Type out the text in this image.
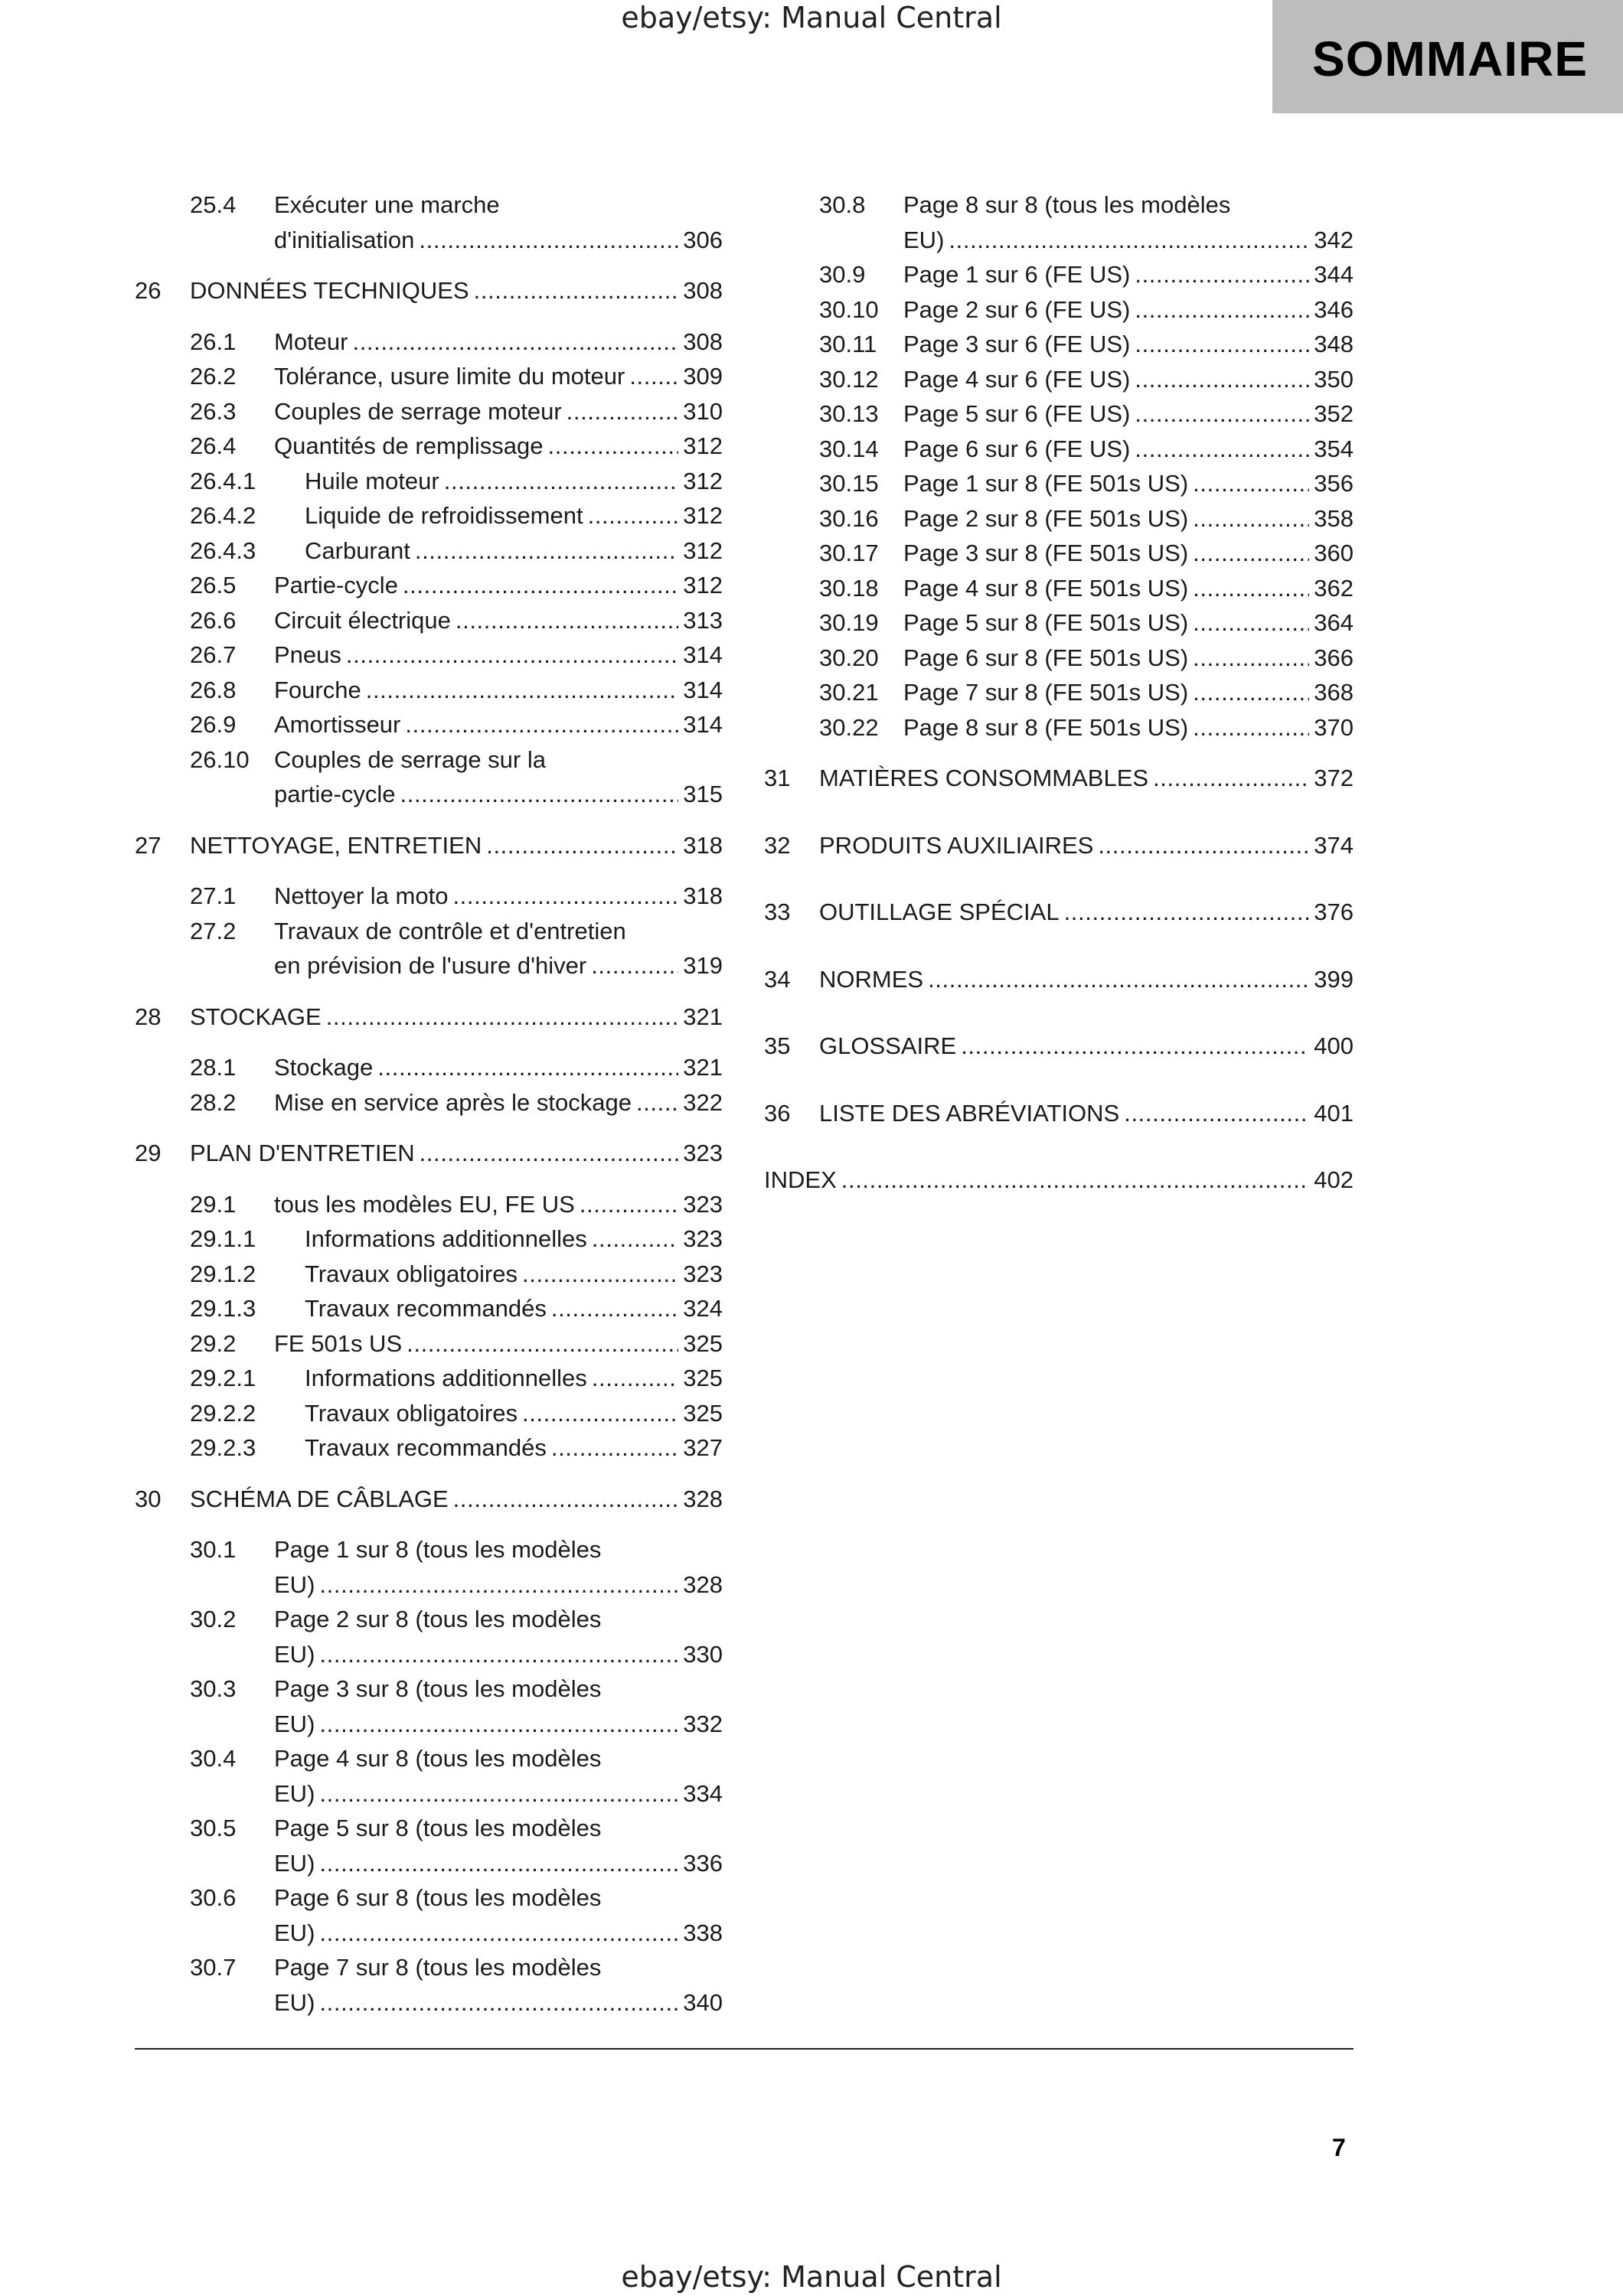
ebay/etsy: Manual Central
SOMMAIRE
25.4 Exécuter une marche
d'initialisation . . .	306
26 DONNÉES TECHNIQUES . . .	308
26.1 Moteur . . .	308
26.2 Tolérance, usure limite du moteur . . . 309
26.3 Couples de serrage moteur . . .	310
26.4 Quantités de remplissage . . .	312
26.4.1 Huile moteur . . .	312
26.4.2 Liquide de refroidissement . . .	312
26.4.3 Carburant . . .	312
26.5 Partie-cycle . . .	312
26.6 Circuit électrique . . .	313
26.7 Pneus . . .	314
26.8 Fourche . . .	314
26.9 Amortisseur . . .	314
26.10 Couples de serrage sur la
partie-cycle . . .	315
27 NETTOYAGE, ENTRETIEN . . .	318
27.1 Nettoyer la moto . . .	318
27.2 Travaux de contrôle et d'entretien
en prévision de l'usure d'hiver . . .	319
28 STOCKAGE . . .	321
28.1 Stockage . . .	321
28.2 Mise en service après le stockage . . . 322
29 PLAN D'ENTRETIEN . . .	323
29.1 tous les modèles EU, FE US . . .	323
29.1.1 Informations additionnelles . . .	323
29.1.2 Travaux obligatoires . . .	323
29.1.3 Travaux recommandés . . .	324
29.2 FE 501s US . . .	325
29.2.1 Informations additionnelles . . .	325
29.2.2 Travaux obligatoires . . .	325
29.2.3 Travaux recommandés . . .	327
30 SCHÉMA DE CÂBLAGE . . .	328
30.1 Page 1 sur 8 (tous les modèles
EU) . . .	328
30.2 Page 2 sur 8 (tous les modèles
EU) . . .	330
30.3 Page 3 sur 8 (tous les modèles
EU) . . .	332
30.4 Page 4 sur 8 (tous les modèles
EU) . . .	334
30.5 Page 5 sur 8 (tous les modèles
EU) . . .	336
30.6 Page 6 sur 8 (tous les modèles
EU) . . .	338
30.7 Page 7 sur 8 (tous les modèles
EU) . . .	340
30.8 Page 8 sur 8 (tous les modèles
EU) . . .	342
30.9 Page 1 sur 6 (FE US) . . .	344
30.10 Page 2 sur 6 (FE US) . . .	346
30.11 Page 3 sur 6 (FE US) . . .	348
30.12 Page 4 sur 6 (FE US) . . .	350
30.13 Page 5 sur 6 (FE US) . . .	352
30.14 Page 6 sur 6 (FE US) . . .	354
30.15 Page 1 sur 8 (FE 501s US) . . .	356
30.16 Page 2 sur 8 (FE 501s US) . . .	358
30.17 Page 3 sur 8 (FE 501s US) . . .	360
30.18 Page 4 sur 8 (FE 501s US) . . .	362
30.19 Page 5 sur 8 (FE 501s US) . . .	364
30.20 Page 6 sur 8 (FE 501s US) . . .	366
30.21 Page 7 sur 8 (FE 501s US) . . .	368
30.22 Page 8 sur 8 (FE 501s US) . . .	370
31 MATIÈRES CONSOMMABLES . . .	372
32 PRODUITS AUXILIAIRES . . .	374
33 OUTILLAGE SPÉCIAL . . .	376
34 NORMES . . .	399
35 GLOSSAIRE . . .	400
36 LISTE DES ABRÉVIATIONS . . .	401
INDEX . . .	402
7
ebay/etsy: Manual Central
